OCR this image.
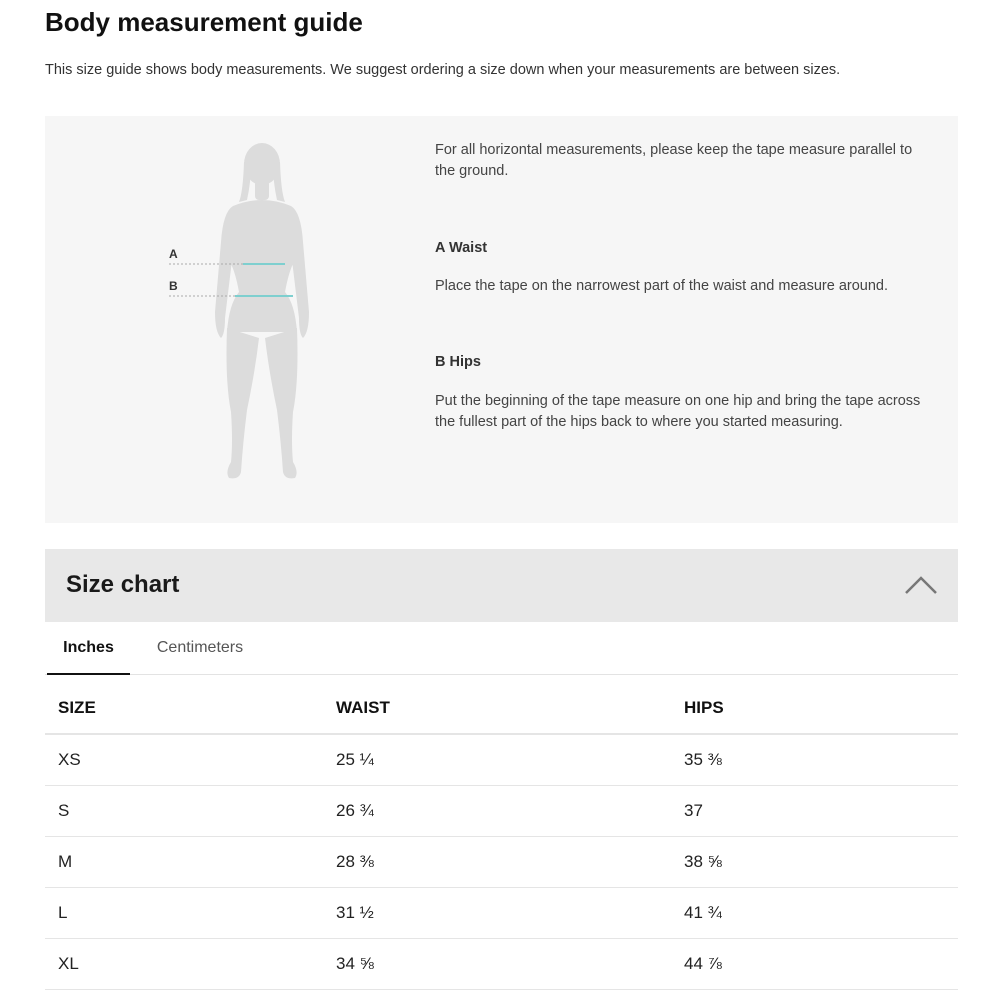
Body measurement guide

This size guide shows body measurements. We suggest ordering a size down when your measurements are between sizes.

A
B

For all horizontal measurements, please keep the tape measure parallel to the ground.

A Waist

Place the tape on the narrowest part of the waist and measure around.

B Hips

Put the beginning of the tape measure on one hip and bring the tape across the fullest part of the hips back to where you started measuring.

Size chart
Inches	Centimeters
SIZE	WAIST	HIPS
XS	25 ¼	35 ⅜
S	26 ¾	37
M	28 ⅜	38 ⅝
L	31 ½	41 ¾
XL	34 ⅝	44 ⅞
